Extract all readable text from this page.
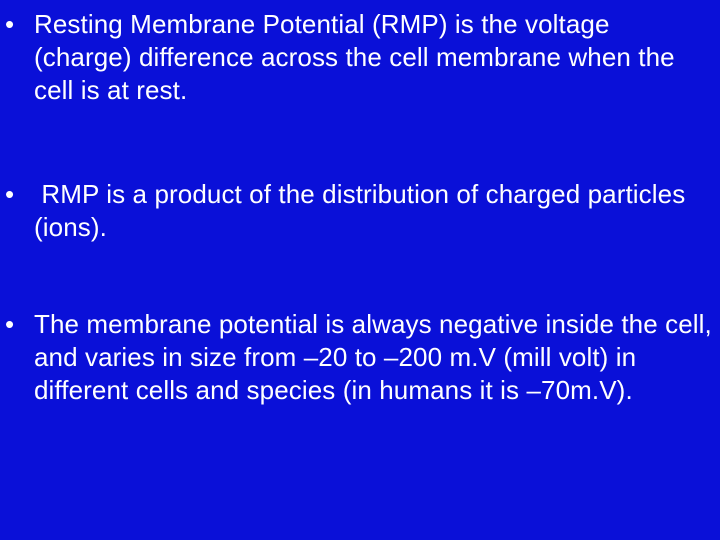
• Resting Membrane Potential (RMP) is the voltage (charge) difference across the cell membrane when the cell is at rest.
• RMP is a product of the distribution of charged particles (ions).
• The membrane potential is always negative inside the cell, and varies in size from –20 to –200 m.V (mill volt) in different cells and species (in humans it is –70m.V).
